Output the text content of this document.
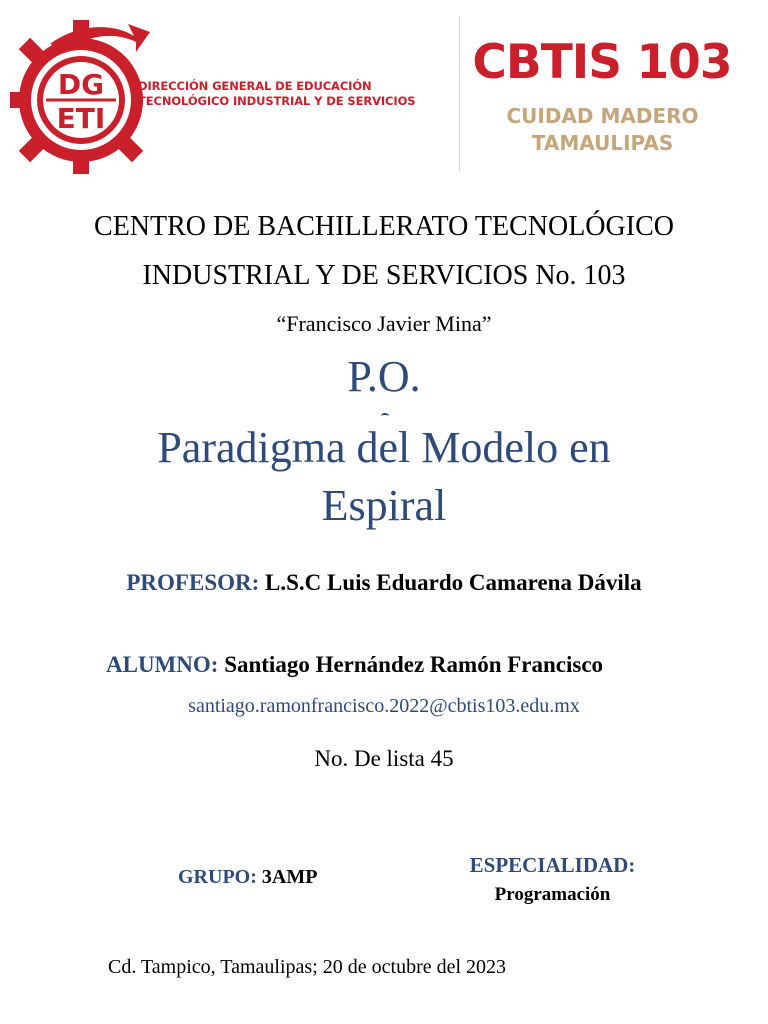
DG
ETI
DIRECCIÓN GENERAL DE EDUCACIÓN
TECNOLÓGICO INDUSTRIAL Y DE SERVICIOS
CBTIS 103
CUIDAD MADERO
TAMAULIPAS
CENTRO DE BACHILLERATO TECNOLÓGICO
INDUSTRIAL Y DE SERVICIOS No. 103
“Francisco Javier Mina”
P.O.
Paradigma del Modelo en
Espiral
PROFESOR: L.S.C Luis Eduardo Camarena Dávila
ALUMNO: Santiago Hernández Ramón Francisco
santiago.ramonfrancisco.2022@cbtis103.edu.mx
No. De lista 45
GRUPO: 3AMP	ESPECIALIDAD:
Programación
Cd. Tampico, Tamaulipas; 20 de octubre del 2023
